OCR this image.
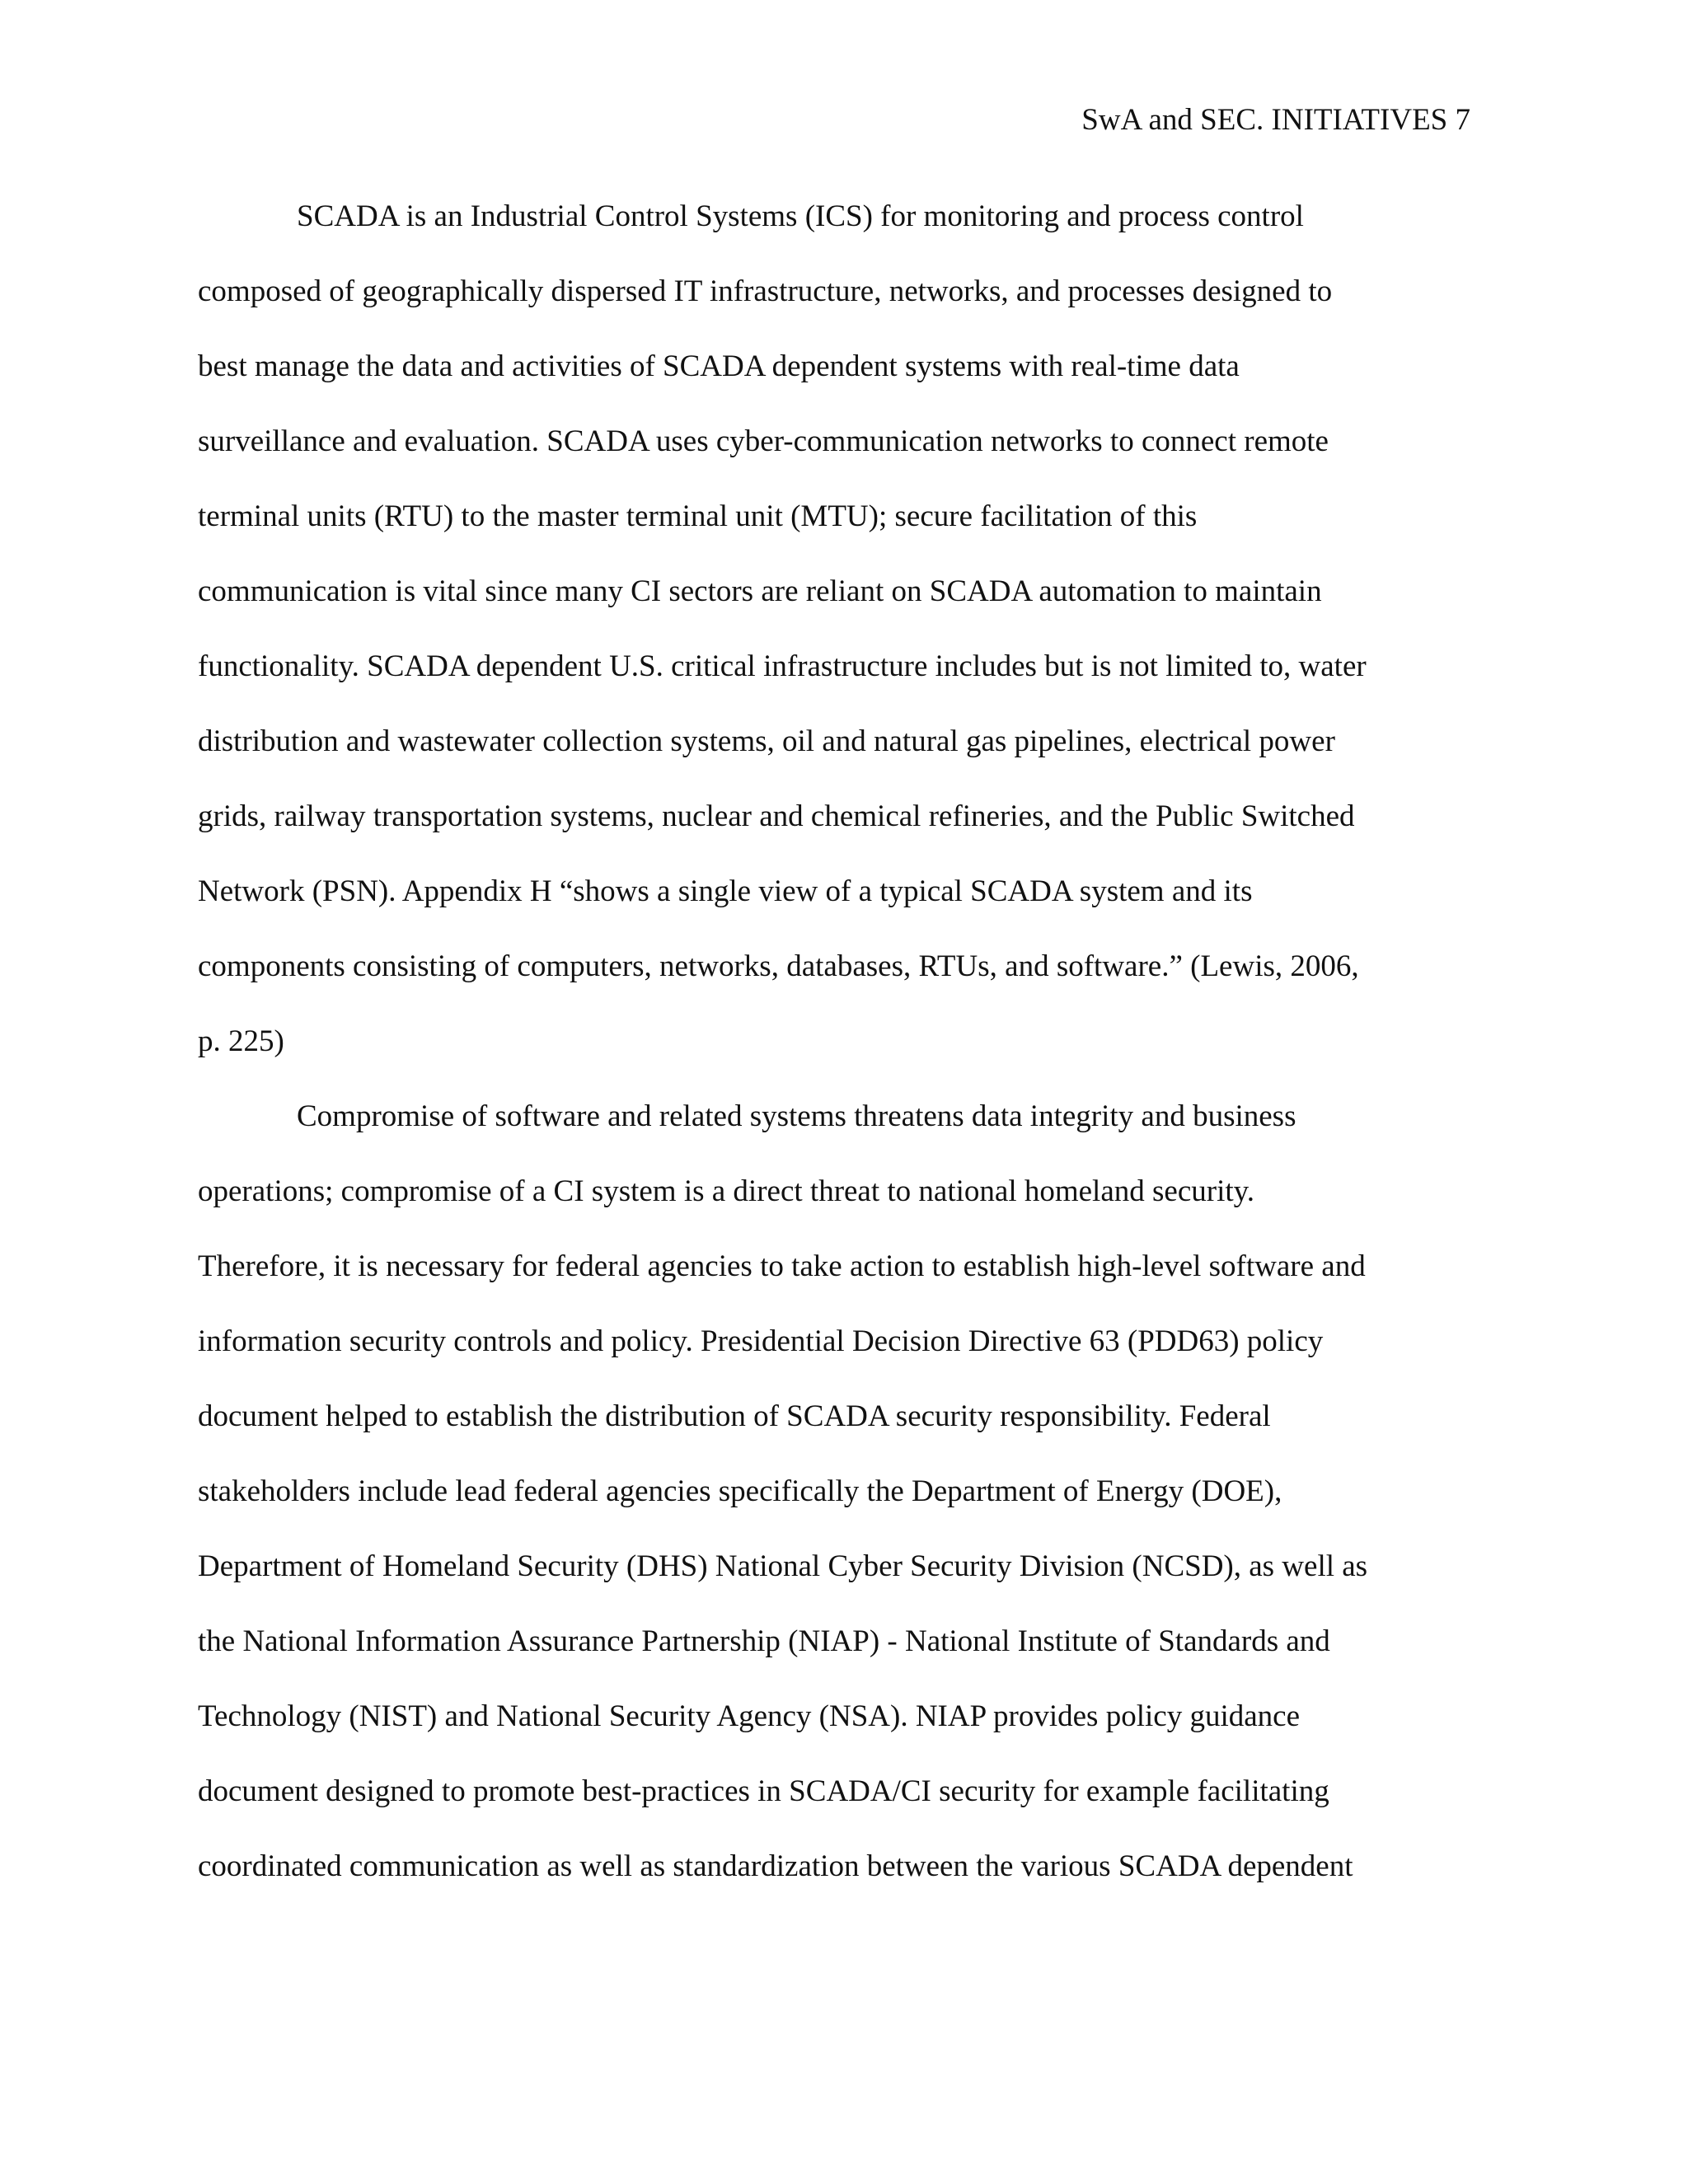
SwA and SEC. INITIATIVES 7
SCADA is an Industrial Control Systems (ICS) for monitoring and process control
composed of geographically dispersed IT infrastructure, networks, and processes designed to
best manage the data and activities of SCADA dependent systems with real-time data
surveillance and evaluation. SCADA uses cyber-communication networks to connect remote
terminal units (RTU) to the master terminal unit (MTU); secure facilitation of this
communication is vital since many CI sectors are reliant on SCADA automation to maintain
functionality. SCADA dependent U.S. critical infrastructure includes but is not limited to, water
distribution and wastewater collection systems, oil and natural gas pipelines, electrical power
grids, railway transportation systems, nuclear and chemical refineries, and the Public Switched
Network (PSN). Appendix H “shows a single view of a typical SCADA system and its
components consisting of computers, networks, databases, RTUs, and software.” (Lewis, 2006,
p. 225)
Compromise of software and related systems threatens data integrity and business
operations; compromise of a CI system is a direct threat to national homeland security.
Therefore, it is necessary for federal agencies to take action to establish high-level software and
information security controls and policy. Presidential Decision Directive 63 (PDD63) policy
document helped to establish the distribution of SCADA security responsibility. Federal
stakeholders include lead federal agencies specifically the Department of Energy (DOE),
Department of Homeland Security (DHS) National Cyber Security Division (NCSD), as well as
the National Information Assurance Partnership (NIAP) - National Institute of Standards and
Technology (NIST) and National Security Agency (NSA). NIAP provides policy guidance
document designed to promote best-practices in SCADA/CI security for example facilitating
coordinated communication as well as standardization between the various SCADA dependent
